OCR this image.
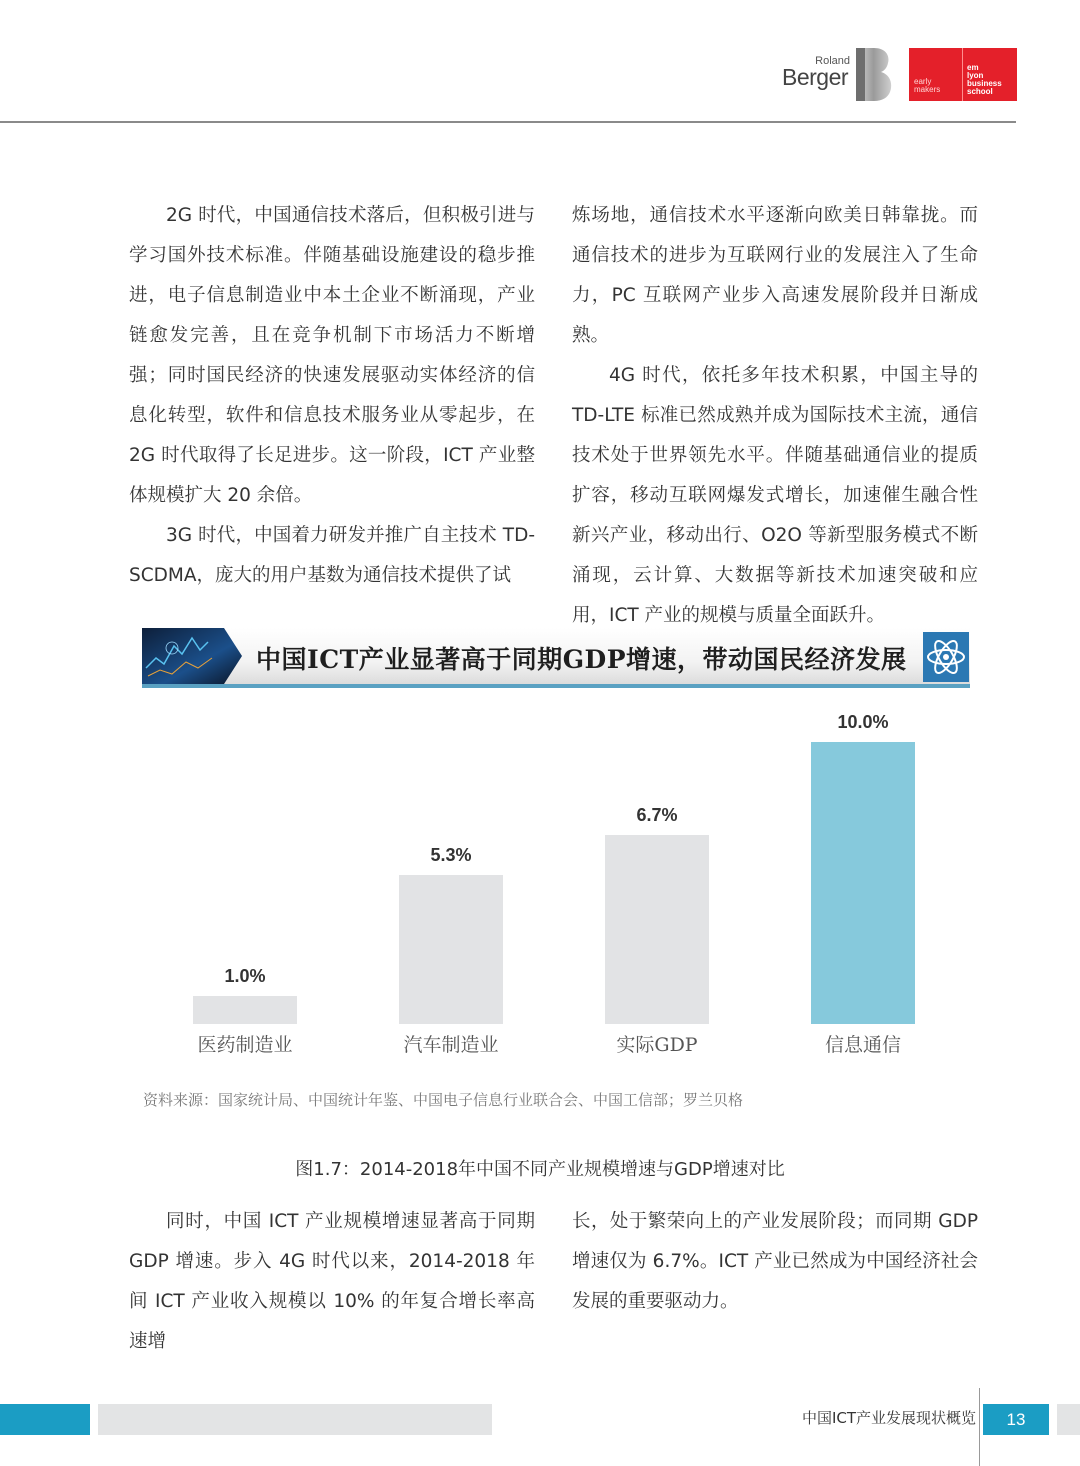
Roland
Berger	early
makers
em
lyon
business
school

2G 时代，中国通信技术落后，但积极引进与学习国外技术标准。伴随基础设施建设的稳步推进，电子信息制造业中本土企业不断涌现，产业链愈发完善，且在竞争机制下市场活力不断增强；同时国民经济的快速发展驱动实体经济的信息化转型，软件和信息技术服务业从零起步，在 2G 时代取得了长足进步。这一阶段，ICT 产业整体规模扩大 20 余倍。

3G 时代，中国着力研发并推广自主技术 TD-SCDMA，庞大的用户基数为通信技术提供了试

炼场地，通信技术水平逐渐向欧美日韩靠拢。而通信技术的进步为互联网行业的发展注入了生命力，PC 互联网产业步入高速发展阶段并日渐成熟。

4G 时代，依托多年技术积累，中国主导的 TD-LTE 标准已然成熟并成为国际技术主流，通信技术处于世界领先水平。伴随基础通信业的提质扩容，移动互联网爆发式增长，加速催生融合性新兴产业，移动出行、O2O 等新型服务模式不断涌现，云计算、大数据等新技术加速突破和应用，ICT 产业的规模与质量全面跃升。

中国ICT产业显著高于同期GDP增速，带动国民经济发展
1.0%
医药制造业
5.3%
汽车制造业
6.7%
实际GDP
10.0%
信息通信
资料来源：国家统计局、中国统计年鉴、中国电子信息行业联合会、中国工信部；罗兰贝格
图1.7：2014-2018年中国不同产业规模增速与GDP增速对比

同时，中国 ICT 产业规模增速显著高于同期 GDP 增速。步入 4G 时代以来，2014-2018 年间 ICT 产业收入规模以 10% 的年复合增长率高速增

长，处于繁荣向上的产业发展阶段；而同期 GDP 增速仅为 6.7%。ICT 产业已然成为中国经济社会发展的重要驱动力。

中国ICT产业发展现状概览	13
